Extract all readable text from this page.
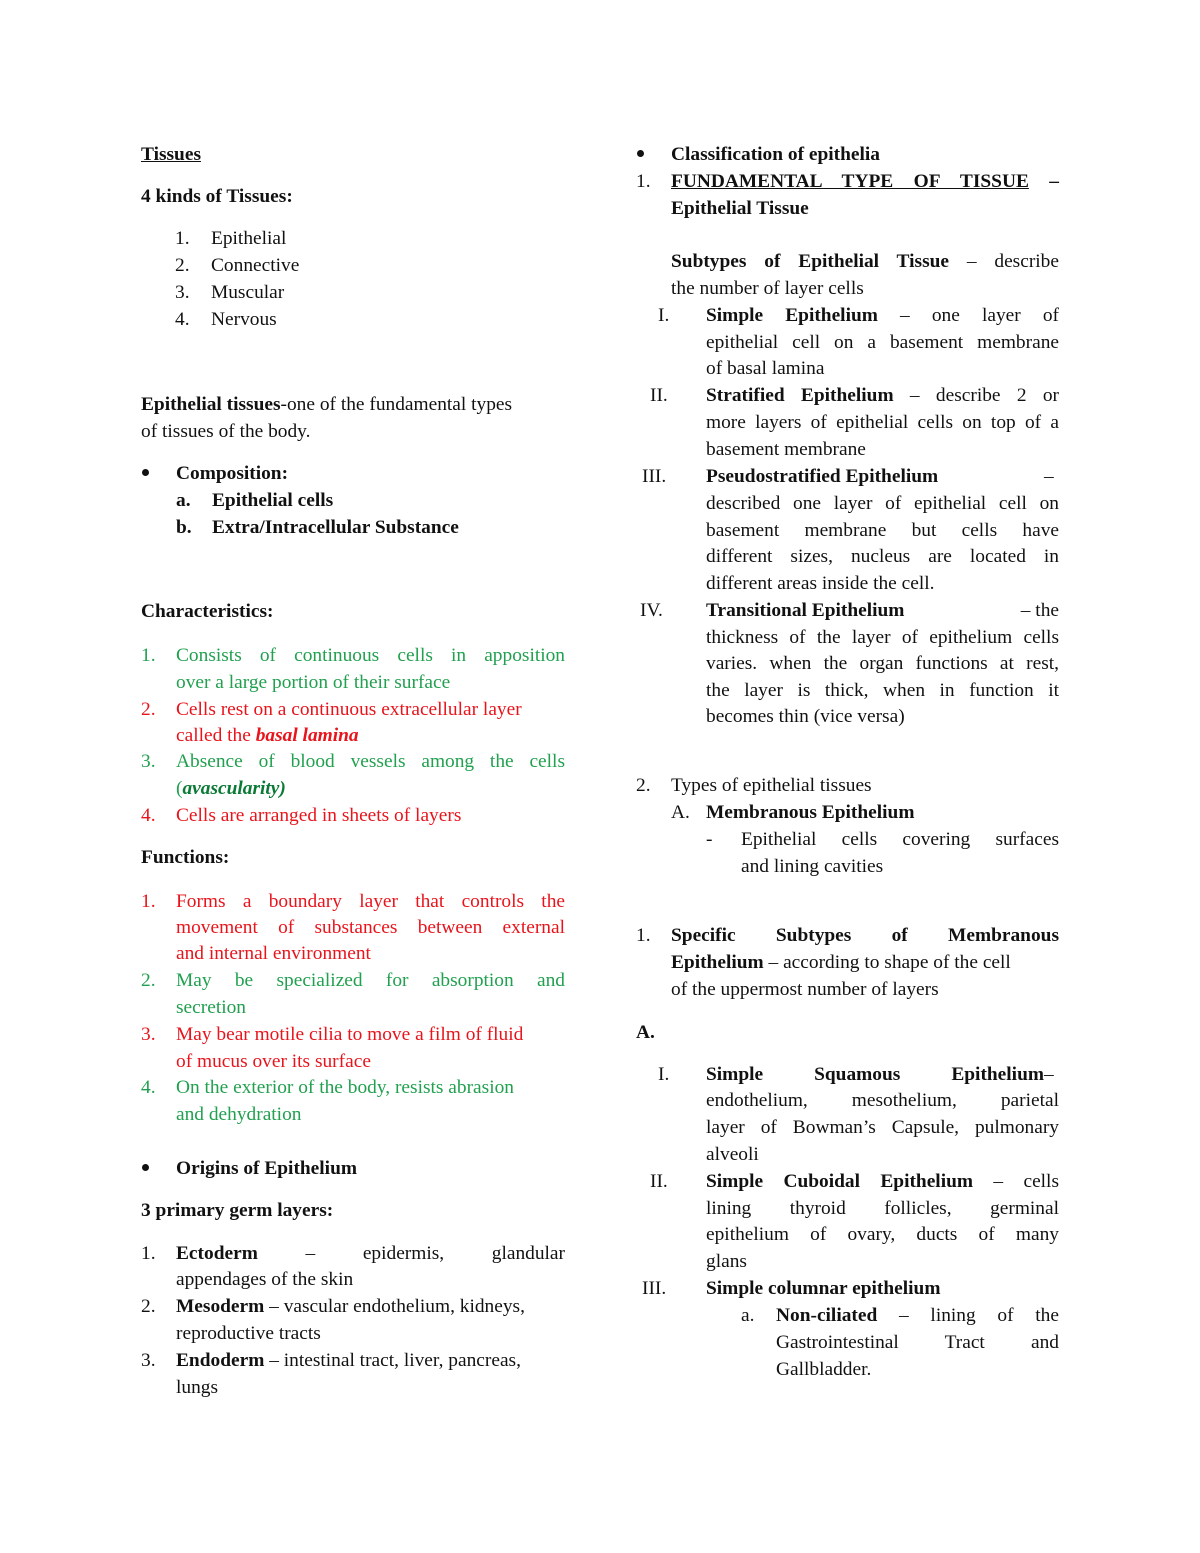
Tissues
4 kinds of Tissues:
1. Epithelial
2. Connective
3. Muscular
4. Nervous
Epithelial tissues-one of the fundamental types
of tissues of the body.
Composition:
a. Epithelial cells
b. Extra/Intracellular Substance
Characteristics:
1. Consists of continuous cells in apposition
over a large portion of their surface
2. Cells rest on a continuous extracellular layer
called the basal lamina
3. Absence of blood vessels among the cells
(avascularity)
4. Cells are arranged in sheets of layers
Functions:
1. Forms a boundary layer that controls the
movement of substances between external
and internal environment
2. May be specialized for absorption and
secretion
3. May bear motile cilia to move a film of fluid
of mucus over its surface
4. On the exterior of the body, resists abrasion
and dehydration
Origins of Epithelium
3 primary germ layers:
1. Ectoderm – epidermis, glandular
appendages of the skin
2. Mesoderm – vascular endothelium, kidneys,
reproductive tracts
3. Endoderm – intestinal tract, liver, pancreas,
lungs
Classification of epithelia
1. FUNDAMENTAL TYPE OF TISSUE –
Epithelial Tissue
Subtypes of Epithelial Tissue – describe
the number of layer cells
I. Simple Epithelium – one layer of
epithelial cell on a basement membrane
of basal lamina
II. Stratified Epithelium – describe 2 or
more layers of epithelial cells on top of a
basement membrane
III. Pseudostratified Epithelium	–
described one layer of epithelial cell on
basement membrane but cells have
different sizes, nucleus are located in
different areas inside the cell.
IV. Transitional Epithelium	– the
thickness of the layer of epithelium cells
varies. when the organ functions at rest,
the layer is thick, when in function it
becomes thin (vice versa)
2. Types of epithelial tissues
A. Membranous Epithelium
- Epithelial cells covering surfaces
and lining cavities
1. Specific Subtypes of Membranous
Epithelium – according to shape of the cell
of the uppermost number of layers
A.
I. Simple Squamous Epithelium –
endothelium, mesothelium, parietal
layer of Bowman’s Capsule, pulmonary
alveoli
II. Simple Cuboidal Epithelium – cells
lining thyroid follicles, germinal
epithelium of ovary, ducts of many
glans
III. Simple columnar epithelium
a. Non-ciliated – lining of the
Gastrointestinal Tract and
Gallbladder.
